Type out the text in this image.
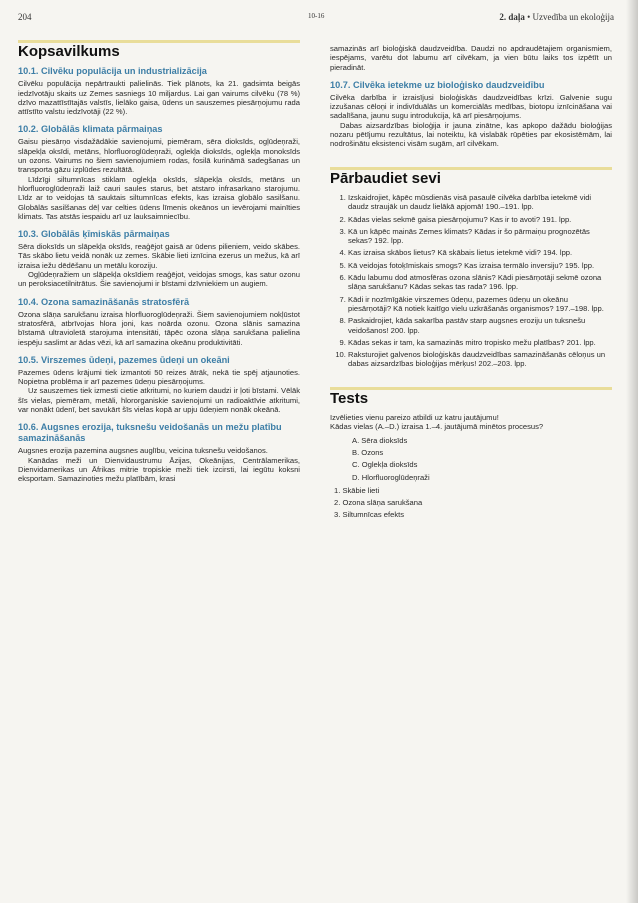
204	10-16	2. daļa • Uzvedība un ekoloģija
Kopsavilkums
10.1. Cilvēku populācija un industrializācija

Cilvēku populācija nepārtraukti palielinās. Tiek plānots, ka 21. gadsimta beigās iedzīvotāju skaits uz Zemes sasniegs 10 miljardus. Lai gan vairums cilvēku (78 %) dzīvo mazattīstītajās valstīs, lielāko gaisa, ūdens un sauszemes piesārņojumu rada attīstīto valstu iedzīvotāji (22 %).

10.2. Globālās klimata pārmaiņas

Gaisu piesārņo visdažādākie savienojumi, piemēram, sēra dioksīds, ogļūdeņraži, slāpekļa oksīdi, metāns, hlorfluoroglūdeņraži, oglekļa dioksīds, oglekļa monoksīds un ozons. Vairums no šiem savienojumiem rodas, fosilā kurināmā sadegšanas un transporta gāzu izplūdes rezultātā.

Līdzīgi siltumnīcas stiklam oglekļa oksīds, slāpekļa oksīds, metāns un hlorfluoroglūdeņraži laiž cauri saules starus, bet atstaro infrasarkano starojumu. Līdz ar to veidojas tā sauktais siltumnīcas efekts, kas izraisa globālo sasilšanu. Globālās sasilšanas dēļ var celties ūdens līmenis okeānos un ievērojami mainīties klimats. Tas atstās iespaidu arī uz lauksaimniecību.

10.3. Globālās ķīmiskās pārmaiņas

Sēra dioksīds un slāpekļa oksīds, reaģējot gaisā ar ūdens pilieniem, veido skābes. Tās skābo lietu veidā nonāk uz zemes. Skābie lieti iznīcina ezerus un mežus, kā arī izraisa iežu dēdēšanu un metālu koroziju.

Ogļūdeņražiem un slāpekļa oksīdiem reaģējot, veidojas smogs, kas satur ozonu un peroksiacetilnitrātus. Šie savienojumi ir bīstami dzīvniekiem un augiem.

10.4. Ozona samazināšanās stratosfērā

Ozona slāņa sarukšanu izraisa hlorfluoroglūdeņraži. Šiem savienojumiem nokļūstot stratosfērā, atbrīvojas hlora joni, kas noārda ozonu. Ozona slānis samazina bīstamā ultravioletā starojuma intensitāti, tāpēc ozona slāņa sarukšana palielina iespēju saslimt ar ādas vēzi, kā arī samazina okeānu produktivitāti.

10.5. Virszemes ūdeņi, pazemes ūdeņi un okeāni

Pazemes ūdens krājumi tiek izmantoti 50 reizes ātrāk, nekā tie spēj atjaunoties. Nopietna problēma ir arī pazemes ūdeņu piesārņojums.

Uz sauszemes tiek izmesti cietie atkritumi, no kuriem daudzi ir ļoti bīstami. Vēlāk šīs vielas, piemēram, metāli, hlororganiskie savienojumi un radioaktīvie atkritumi, var nonākt ūdenī, bet savukārt šīs vielas kopā ar upju ūdeņiem nonāk okeānā.

10.6. Augsnes erozija, tuksnešu veidošanās un mežu platību samazināšanās

Augsnes erozija pazemina augsnes auglību, veicina tuksnešu veidošanos.

Kanādas meži un Dienvidaustrumu Āzijas, Okeānijas, Centrālamerikas, Dienvidamerikas un Āfrikas mitrie tropiskie meži tiek izcirsti, lai iegūtu koksni eksportam. Samazinoties mežu platībām, krasi

samazinās arī bioloģiskā daudzveidība. Daudzi no apdraudētajiem organismiem, iespējams, varētu dot labumu arī cilvēkam, ja vien būtu laiks tos izpētīt un pieradināt.

10.7. Cilvēka ietekme uz bioloģisko daudzveidību

Cilvēka darbība ir izraisījusi bioloģiskās daudzveidības krīzi. Galvenie sugu izzušanas cēloņi ir indivīduālās un komerciālās medības, biotopu iznīcināšana vai sadalīšana, jaunu sugu introdukcija, kā arī piesārņojums.

Dabas aizsardzības bioloģija ir jauna zinātne, kas apkopo dažādu bioloģijas nozaru pētījumu rezultātus, lai noteiktu, kā vislabāk rūpēties par ekosistēmām, lai nodrošinātu eksistenci visām sugām, arī cilvēkam.

Pārbaudiet sevi
1. Izskaidrojiet, kāpēc mūsdienās visā pasaulē cilvēka darbība ietekmē vidi daudz straujāk un daudz lielākā apjomā! 190.–191. lpp.
2. Kādas vielas sekmē gaisa piesārņojumu? Kas ir to avoti? 191. lpp.
3. Kā un kāpēc mainās Zemes klimats? Kādas ir šo pārmaiņu prognozētās sekas? 192. lpp.
4. Kas izraisa skābos lietus? Kā skābais lietus ietekmē vidi? 194. lpp.
5. Kā veidojas fotoķīmiskais smogs? Kas izraisa termālo inversiju? 195. lpp.
6. Kādu labumu dod atmosfēras ozona slānis? Kādi piesārņotāji sekmē ozona slāņa sarukšanu? Kādas sekas tas rada? 196. lpp.
7. Kādi ir nozīmīgākie virszemes ūdeņu, pazemes ūdeņu un okeānu piesārņotāji? Kā notiek kaitīgo vielu uzkrāšanās organismos? 197.–198. lpp.
8. Paskaidrojiet, kāda sakarība pastāv starp augsnes eroziju un tuksnešu veidošanos! 200. lpp.
9. Kādas sekas ir tam, ka samazinās mitro tropisko mežu platības? 201. lpp.
10. Raksturojiet galvenos bioloģiskās daudzveidības samazināšanās cēloņus un dabas aizsardzības bioloģijas mērķus! 202.–203. lpp.
Tests

Izvēlieties vienu pareizo atbildi uz katru jautājumu!

Kādas vielas (A.–D.) izraisa 1.–4. jautājumā minētos procesus?

A. Sēra dioksīds
B. Ozons
C. Oglekļa dioksīds
D. Hlorfluoroglūdeņraži
1. Skābie lieti
2. Ozona slāņa sarukšana
3. Siltumnīcas efekts
